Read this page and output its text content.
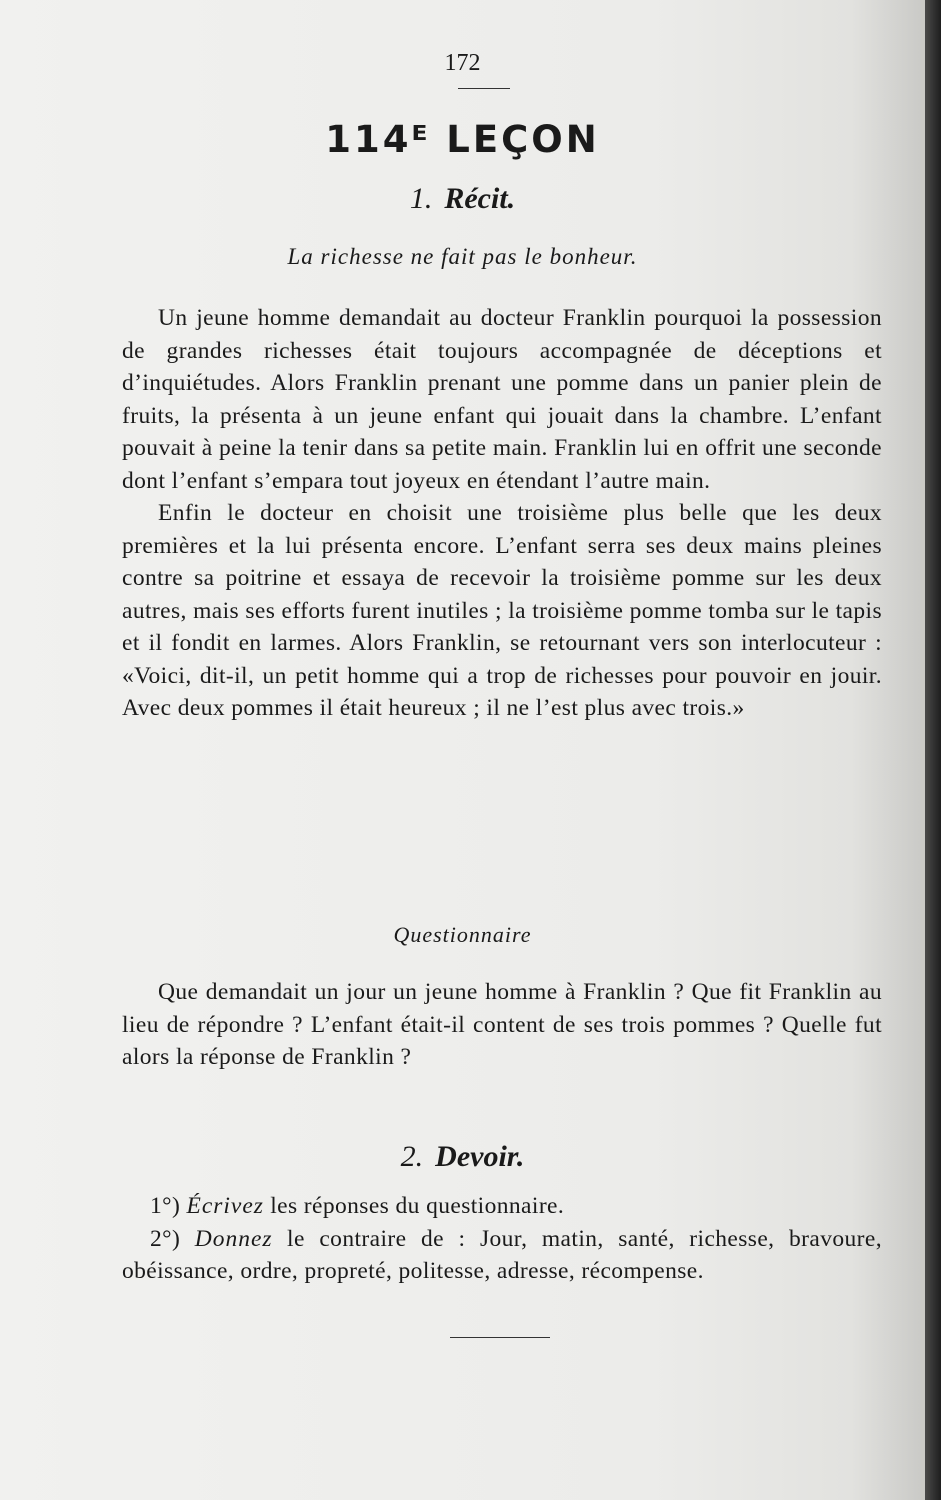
172
114ᴱ LEÇON
1. Récit.
La richesse ne fait pas le bonheur.

Un jeune homme demandait au docteur Franklin pourquoi la possession de grandes richesses était toujours accompagnée de déceptions et d’inquiétudes. Alors Franklin prenant une pomme dans un panier plein de fruits, la présenta à un jeune enfant qui jouait dans la chambre. L’enfant pouvait à peine la tenir dans sa petite main. Franklin lui en offrit une seconde dont l’enfant s’empara tout joyeux en étendant l’autre main.

Enfin le docteur en choisit une troisième plus belle que les deux premières et la lui présenta encore. L’enfant serra ses deux mains pleines contre sa poitrine et essaya de recevoir la troisième pomme sur les deux autres, mais ses efforts furent inutiles ; la troisième pomme tomba sur le tapis et il fondit en larmes. Alors Franklin, se retournant vers son interlocuteur : «Voici, dit-il, un petit homme qui a trop de richesses pour pouvoir en jouir. Avec deux pommes il était heureux ; il ne l’est plus avec trois.»

Questionnaire

Que demandait un jour un jeune homme à Franklin ? Que fit Franklin au lieu de répondre ? L’enfant était-il content de ses trois pommes ? Quelle fut alors la réponse de Franklin ?

2. Devoir.

1°) Écrivez les réponses du questionnaire.

2°) Donnez le contraire de : Jour, matin, santé, richesse, bravoure, obéissance, ordre, propreté, politesse, adresse, récompense.
